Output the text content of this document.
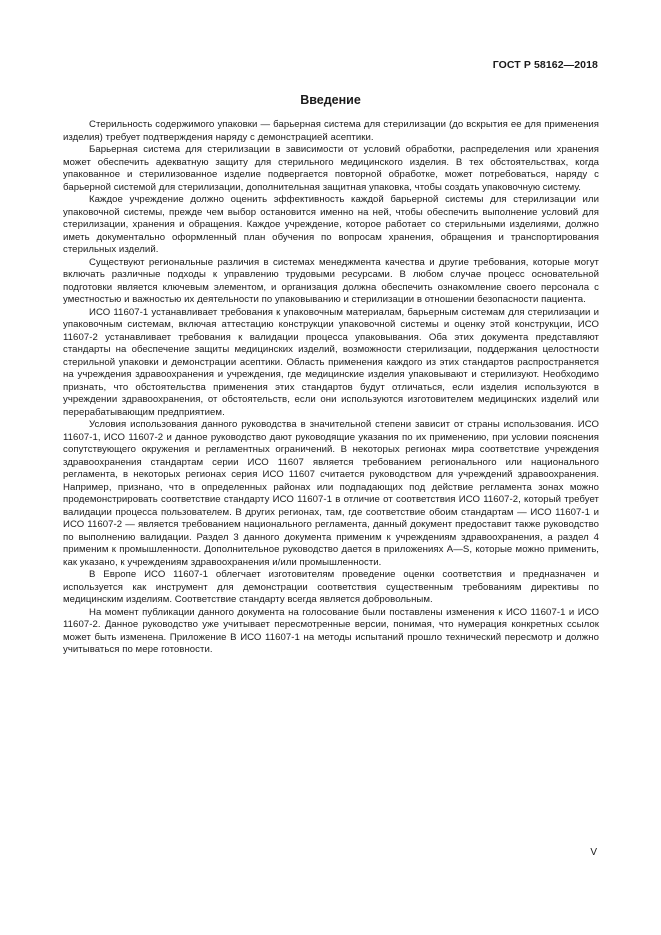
ГОСТ Р 58162—2018
Введение

Стерильность содержимого упаковки — барьерная система для стерилизации (до вскрытия ее для применения изделия) требует подтверждения наряду с демонстрацией асептики.

Барьерная система для стерилизации в зависимости от условий обработки, распределения или хранения может обеспечить адекватную защиту для стерильного медицинского изделия. В тех обстоятельствах, когда упакованное и стерилизованное изделие подвергается повторной обработке, может потребоваться, наряду с барьерной системой для стерилизации, дополнительная защитная упаковка, чтобы создать упаковочную систему.

Каждое учреждение должно оценить эффективность каждой барьерной системы для стерилизации или упаковочной системы, прежде чем выбор остановится именно на ней, чтобы обеспечить выполнение условий для стерилизации, хранения и обращения. Каждое учреждение, которое работает со стерильными изделиями, должно иметь документально оформленный план обучения по вопросам хранения, обращения и транспортирования стерильных изделий.

Существуют региональные различия в системах менеджмента качества и другие требования, которые могут включать различные подходы к управлению трудовыми ресурсами. В любом случае процесс основательной подготовки является ключевым элементом, и организация должна обеспечить ознакомление своего персонала с уместностью и важностью их деятельности по упаковыванию и стерилизации в отношении безопасности пациента.

ИСО 11607-1 устанавливает требования к упаковочным материалам, барьерным системам для стерилизации и упаковочным системам, включая аттестацию конструкции упаковочной системы и оценку этой конструкции, ИСО 11607-2 устанавливает требования к валидации процесса упаковывания. Оба этих документа представляют стандарты на обеспечение защиты медицинских изделий, возможности стерилизации, поддержания целостности стерильной упаковки и демонстрации асептики. Область применения каждого из этих стандартов распространяется на учреждения здравоохранения и учреждения, где медицинские изделия упаковывают и стерилизуют. Необходимо признать, что обстоятельства применения этих стандартов будут отличаться, если изделия используются в учреждении здравоохранения, от обстоятельств, если они используются изготовителем медицинских изделий или перерабатывающим предприятием.

Условия использования данного руководства в значительной степени зависит от страны использования. ИСО 11607-1, ИСО 11607-2 и данное руководство дают руководящие указания по их применению, при условии пояснения сопутствующего окружения и регламентных ограничений. В некоторых регионах мира соответствие учреждения здравоохранения стандартам серии ИСО 11607 является требованием регионального или национального регламента, в некоторых регионах серия ИСО 11607 считается руководством для учреждений здравоохранения. Например, признано, что в определенных районах или подпадающих под действие регламента зонах можно продемонстрировать соответствие стандарту ИСО 11607-1 в отличие от соответствия ИСО 11607-2, который требует валидации процесса пользователем. В других регионах, там, где соответствие обоим стандартам — ИСО 11607-1 и ИСО 11607-2 — является требованием национального регламента, данный документ предоставит также руководство по выполнению валидации. Раздел 3 данного документа применим к учреждениям здравоохранения, а раздел 4 применим к промышленности. Дополнительное руководство дается в приложениях А—S, которые можно применить, как указано, к учреждениям здравоохранения и/или промышленности.

В Европе ИСО 11607-1 облегчает изготовителям проведение оценки соответствия и предназначен и используется как инструмент для демонстрации соответствия существенным требованиям директивы по медицинским изделиям. Соответствие стандарту всегда является добровольным.

На момент публикации данного документа на голосование были поставлены изменения к ИСО 11607-1 и ИСО 11607-2. Данное руководство уже учитывает пересмотренные версии, понимая, что нумерация конкретных ссылок может быть изменена. Приложение В ИСО 11607-1 на методы испытаний прошло технический пересмотр и должно учитываться по мере готовности.

V
